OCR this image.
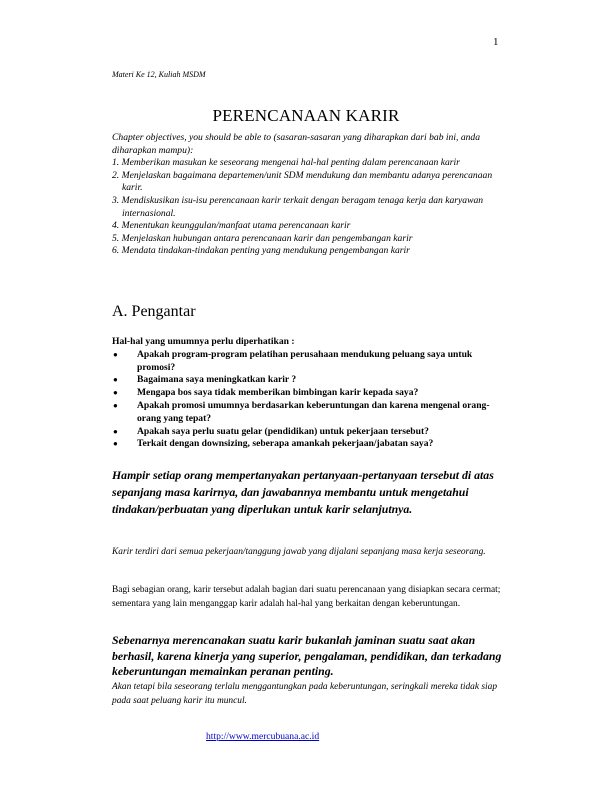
1
Materi Ke 12, Kuliah MSDM
PERENCANAAN KARIR

Chapter objectives, you should be able to (sasaran-sasaran yang diharapkan dari bab ini, anda diharapkan mampu):

1. Memberikan masukan ke seseorang mengenai hal-hal penting dalam perencanaan karir

2. Menjelaskan bagaimana departemen/unit SDM mendukung dan membantu adanya perencanaan karir.

3. Mendiskusikan isu-isu perencanaan karir terkait dengan beragam tenaga kerja dan karyawan internasional.

4. Menentukan keunggulan/manfaat utama perencanaan karir

5. Menjelaskan hubungan antara perencanaan karir dan pengembangan karir

6. Mendata tindakan-tindakan penting yang mendukung pengembangan karir

A. Pengantar

Hal-hal yang umumnya perlu diperhatikan :

● Apakah program-program pelatihan perusahaan mendukung peluang saya untuk promosi?
● Bagaimana saya meningkatkan karir ?
● Mengapa bos saya tidak memberikan bimbingan karir kepada saya?
● Apakah promosi umumnya berdasarkan keberuntungan dan karena mengenal orang-orang yang tepat?
● Apakah saya perlu suatu gelar (pendidikan) untuk pekerjaan tersebut?
● Terkait dengan downsizing, seberapa amankah pekerjaan/jabatan saya?
Hampir setiap orang mempertanyakan pertanyaan-pertanyaan tersebut di atas sepanjang masa karirnya, dan jawabannya membantu untuk mengetahui tindakan/perbuatan yang diperlukan untuk karir selanjutnya.
Karir terdiri dari semua pekerjaan/tanggung jawab yang dijalani sepanjang masa kerja seseorang.
Bagi sebagian orang, karir tersebut adalah bagian dari suatu perencanaan yang disiapkan secara cermat; sementara yang lain menganggap karir adalah hal-hal yang berkaitan dengan keberuntungan.
Sebenarnya merencanakan suatu karir bukanlah jaminan suatu saat akan berhasil, karena kinerja yang superior, pengalaman, pendidikan, dan terkadang keberuntungan memainkan peranan penting.
Akan tetapi bila seseorang terlalu menggantungkan pada keberuntungan, seringkali mereka tidak siap pada saat peluang karir itu muncul.
http://www.mercubuana.ac.id
